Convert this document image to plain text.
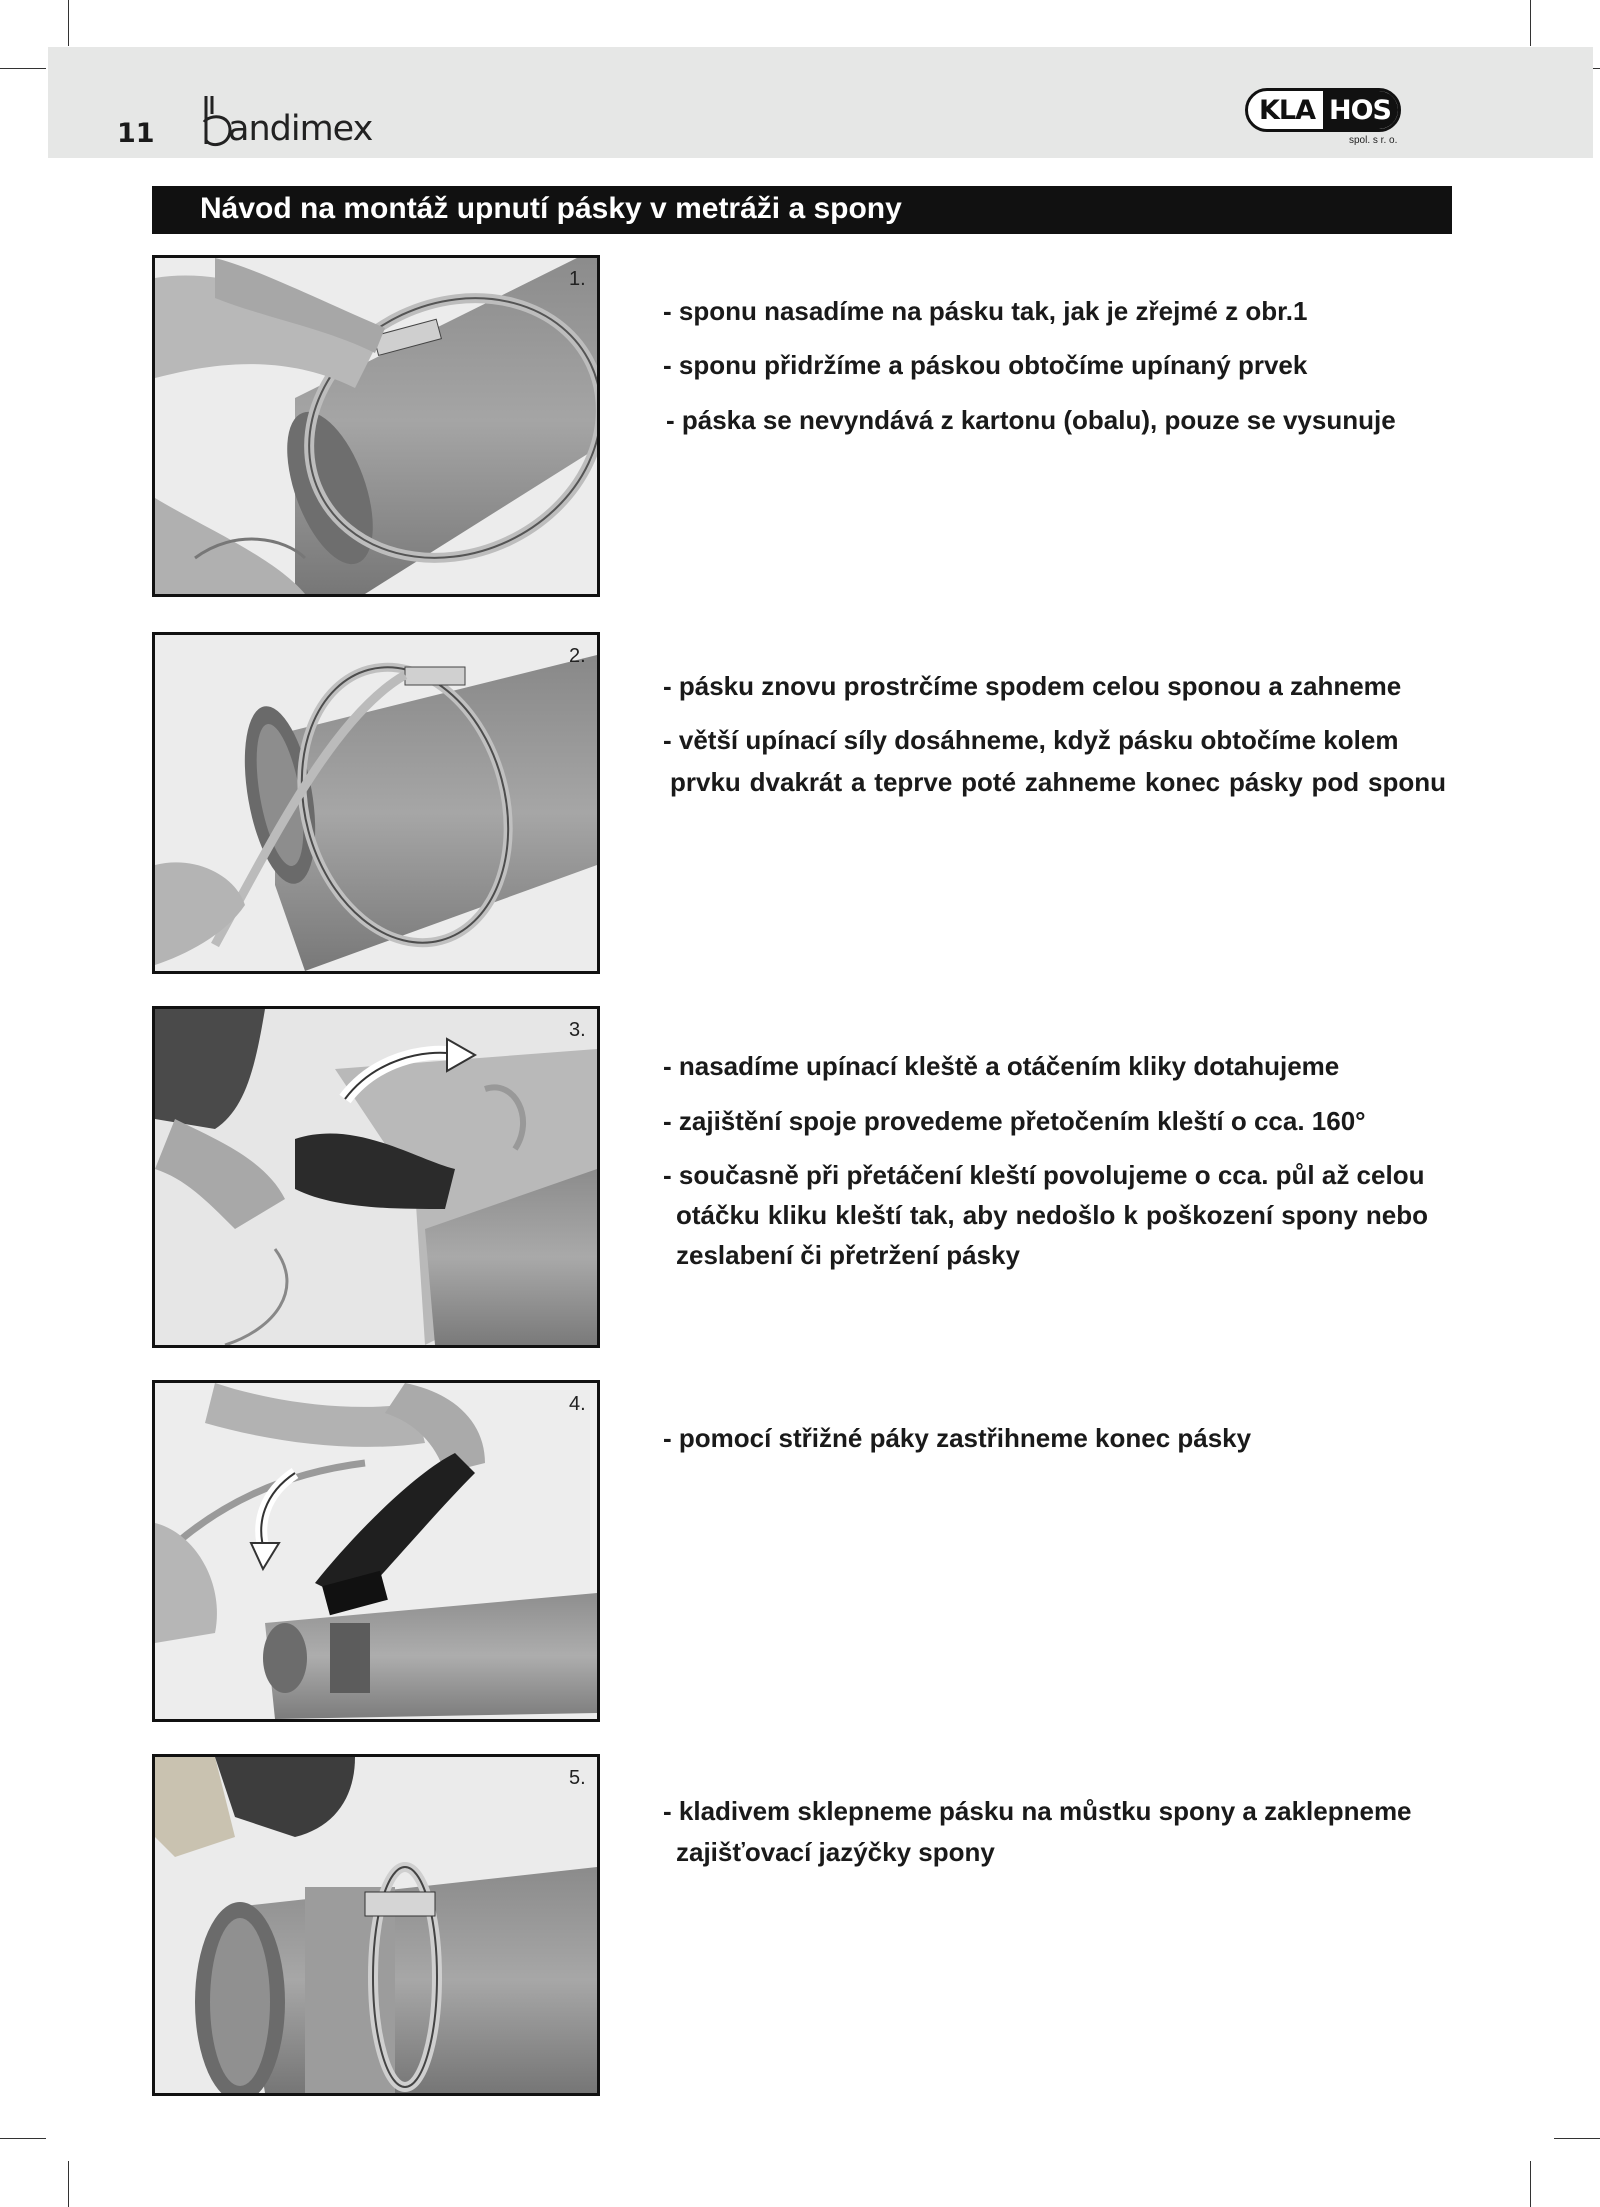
11 andimex	KLA HOS
spol. s r. o.
Návod na montáž upnutí pásky v metráži a spony
1.
- sponu nasadíme na pásku tak, jak je zřejmé z obr.1
- sponu přidržíme a páskou obtočíme upínaný prvek
- páska se nevyndává z kartonu (obalu), pouze se vysunuje
2.
- pásku znovu prostrčíme spodem celou sponou a zahneme
- větší upínací síly dosáhneme, když pásku obtočíme kolem
prvku dvakrát a teprve poté zahneme konec pásky pod sponu
3.
- nasadíme upínací kleště a otáčením kliky dotahujeme
- zajištění spoje provedeme přetočením kleští o cca. 160°
- současně při přetáčení kleští povolujeme o cca. půl až celou
otáčku kliku kleští tak, aby nedošlo k poškození spony nebo
zeslabení či přetržení pásky
4.
- pomocí střižné páky zastřihneme konec pásky
5.
- kladivem sklepneme pásku na můstku spony a zaklepneme
zajišťovací jazýčky spony
